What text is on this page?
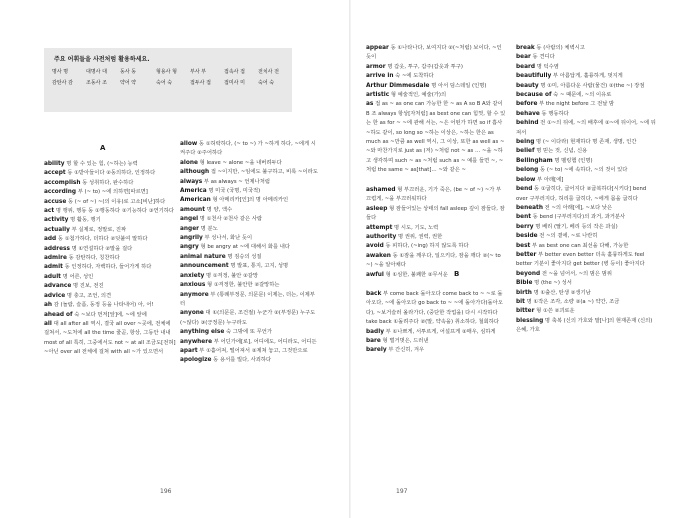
주요 어휘들을 사전처럼 활용하세요.
명사 명	대명사 대	동사 동	형용사 형	부사 부	접속사 접	전치사 전
감탄사 감	조동사 조	약어 약	숙어 숙	접두사 접	접미사 미	숙어 숙
A

ability 명 할 수 있는 힘, (~하는) 능력

accept 동 ①받아들이다 ②동의하다, 인정하다

accomplish 동 성취하다, 완수하다

according 부 (~ to) ~에 의하면[따르면]

accuse 동 (~ of ~) ~(의 이유)로 고소[비난]하다

act 명 행위, 행동 동 ①행동하다 ②기능하다 ③연기하다

activity 명 활동, 행기

actually 부 실제로, 정말로, 진짜

add 동 ①첨가하다, 더하다 ②덧붙여 말하다

address 명 ①연설하다 ②말을 걸다

admire 동 감탄하다, 칭찬하다

admit 동 인정하다, 자백하다, 들어가게 하다

adult 명 어른, 성인

advance 명 진보, 전진

advice 명 충고, 조언, 의견

ah 감 (놀람, 슬픔, 동정 등을 나타내어) 아, 어!

ahead of 숙 ~보다 먼저[앞]에, ~에 앞에

all 대 all after all 역시, 결국 all over ~곳에, 전체에 걸쳐서, ~도처에 all the time 줄곧, 항상, 그동안 내내 most of all 특히, 그중에서도 not ~ at all 조금도[전혀] ~아닌 over all 전체에 걸쳐 with all ~가 있으면서

allow 동 ①허락하다, (~ to ~) 가 ~하게 하다, ~에게 시켜주다 ②주어하다

alone 형 leave ~ alone ~을 내버려두다

although 접 ~이지만, ~임에도 불구하고, 비록 ~이라도

always 부 as always ~ 언제나처럼

America 명 미국 (국명, 미국적)

American 형 아메리카[인]의 명 아메리카인

amount 명 양, 액수

angel 명 ①천사 ②천사 같은 사람

anger 명 분노

angrily 부 성나서, 화난 듯이

angry 형 be angry at ~에 대해서 화를 내다

animal nature 명 짐승의 성질

announcement 명 발표, 통지, 고지, 성명

anxiety 명 ①걱정, 불안 ②갈망

anxious 형 ①걱정한, 불안한 ②갈망하는

anymore 부 (통례부정문, 의문문) 이제는, 더는, 이제부터

anyone 대 ①(의문문, 조건절) 누군가 ②(부정문) 누구도 (~않다) ③(긍정문) 누구라도

anything else 숙 그밖에 또 무언가

anywhere 부 어딘가에[로], 어디에도, 어디라도, 어디든

apart 부 ①흩어져, 떨어져서 ②제쳐 놓고, 그것만으로

apologize 동 용서를 빌다, 사죄하다

196

appear 동 ①나타나다, 보여지다 ②(~처럼) 보이다, ~인 듯이

armor 명 갑옷, 투구, 갑주(갑옷과 투구)

arrive in 숙 ~에 도착하다

Arthur Dimmesdale 명 아서 딤스데일 (인명)

artistic 형 예술적인, 예술(가)의

as 접 as ~ as one can 가능한 한 ~ as A so B A와 같이 B 조 always 항상[자처럼] as best one can 힘껏, 할 수 있는 한 as for ~ ~에 관해 서는, ~은 어떤가 하면 so if 흡사 ~하도 같이, so long so ~하는 이상은, ~하는 한은 as much as ~만큼 as well 역시, 그 이상, 또한 as well as ~ ~와 마찬가지로 just as (저) ~처럼 not ~ as … ~을 ~하고 생각하며 such ~ as ~처럼 such as ~ 예를 들면 ~, ~처럼 the same ~ as[that]… ~와 같은 ~

ashamed 형 부끄러운, 기가 죽은, (be ~ of ~) ~가 부끄럽게, ~을 부끄러워하다

asleep 형 잠들어있는 상태의 fall asleep 깊이 잠들다, 잠들다

attempt 명 시도, 기도, 노력

authority 명 권위, 권력, 권한

avoid 동 피하다, (~ing) 하지 않도록 하다

awaken 동 ①잠을 깨우다, 일으키다, 잠을 깨다 ②(~ to ~) ~을 알아채다

awful 형 ①심한, 불쾌한 ②무서운 B

back 부 come back 돌아오다 come back to ~ ~로 돌아오다, ~에 돌아오다 go back to ~ ~에 돌아가다(돌아오다), ~보거슬러 올라가다, (중단한 작업을) 다시 시작하다 take back ①돌려주다 ②(말, 약속을) 취소하다, 철회하다

badly 부 ①나쁘게, 서투르게, 어설프게 ②매우, 심하게

bare 형 벌거벗은, 드러낸

barely 부 간신히, 겨우

break 동 (사람의) 체벽시고

bear 동 견디다

beard 명 턱수염

beautifully 부 아름답게, 훌륭하게, 멋지게

beauty 명 ①미, 아름다운 사람(물건) ②(the ~) 장점

because of 숙 ~ 때문에, ~의 이유로

before 부 the night before 그 전날 밤

behave 동 행동하다

behind 전 ①~의 뒤에, ~의 배후에 ②~에 뒤이어, ~에 뒤져서

being 명 (~ 이다라) 현재하다 명 존재, 생명, 인간

belief 명 믿는 것, 신념, 신용

Bellingham 명 벨링햄 (인명)

belong 동 (~ to) ~에 속하다, ~의 것이 있다

below 부 아래[에]

bend 동 ①굽히다, 굽어지다 ②굽복하다[시키다] bend over 구부러지다, 허리를 굽히다, ~에게 몸을 굽히다

beneath 전 ~의 아래[에], ~보다 낮은

bent 동 bend (구부러지다)의 과거, 과거분사

berry 명 베리 (딸기, 베리 등의 작은 과실)

beside 전 ~의 곁에, ~로 나란히

best 부 as best one can 최선을 다해, 가능한

better 부 better even better 더욱 훌륭하게도 feel better 기분이 좋아지다 get better (병 등이) 좋아지다

beyond 전 ~을 넘어서, ~의 범은 범위

Bible 명 (the ~) 성서

birth 명 ①출산, 탄생 ②생기남

bit 명 ①작은 조각, 소량 ②(a ~) 약간, 조금

bitter 형 ①쓴 ②괴로운

blessing 명 축복 (신의 가호와 말[나]의 현재존재 (신의) 은혜, 가호

197
